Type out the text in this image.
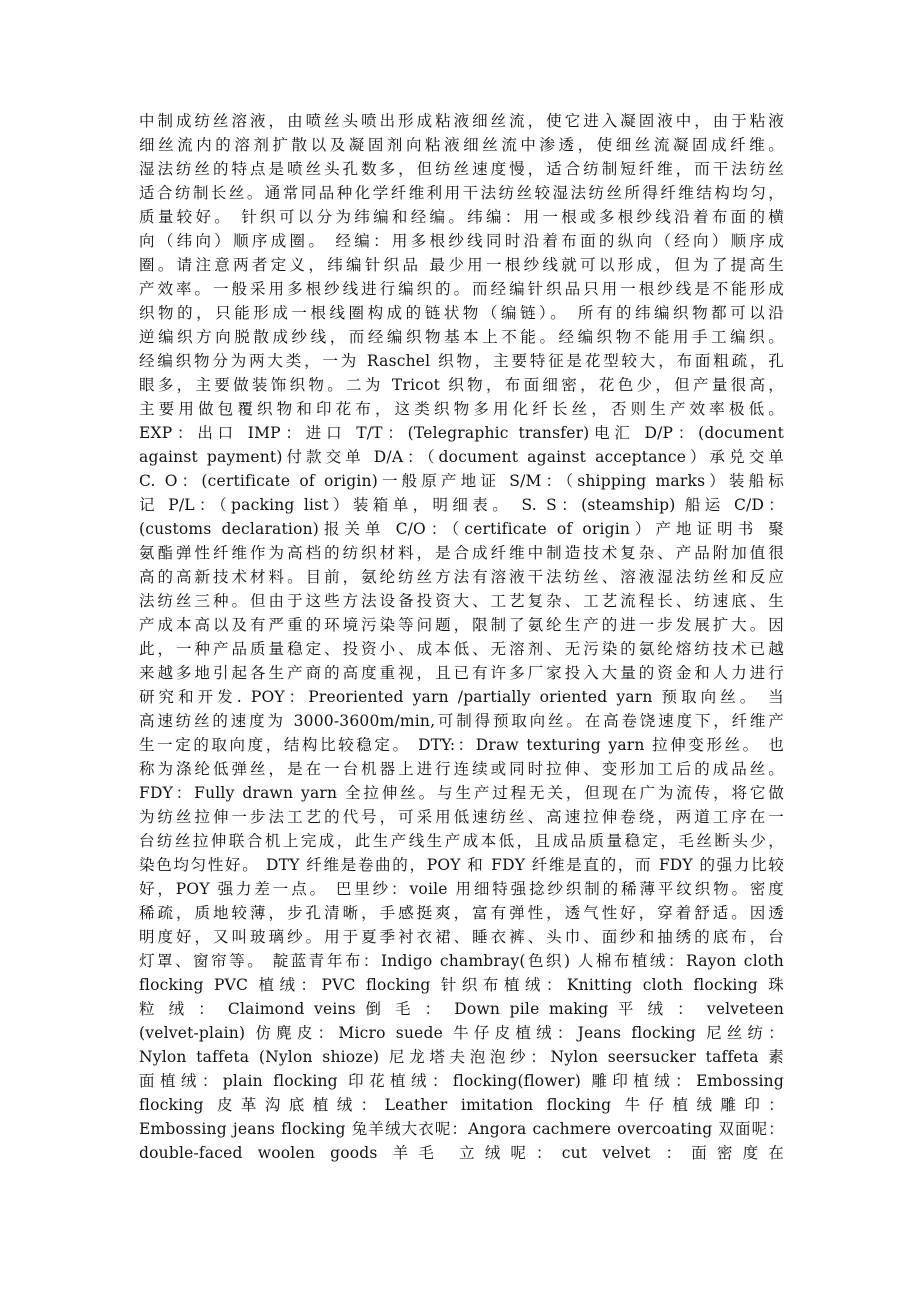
中制成纺丝溶液，由喷丝头喷出形成粘液细丝流，使它进入凝固液中，由于粘液
细丝流内的溶剂扩散以及凝固剂向粘液细丝流中渗透，使细丝流凝固成纤维。
湿法纺丝的特点是喷丝头孔数多，但纺丝速度慢，适合纺制短纤维，而干法纺丝
适合纺制长丝。通常同品种化学纤维利用干法纺丝较湿法纺丝所得纤维结构均匀，
质量较好。 针织可以分为纬编和经编。纬编：用一根或多根纱线沿着布面的横
向（纬向）顺序成圈。 经编：用多根纱线同时沿着布面的纵向（经向）顺序成
圈。请注意两者定义，纬编针织品 最少用一根纱线就可以形成，但为了提高生
产效率。一般采用多根纱线进行编织的。而经编针织品只用一根纱线是不能形成
织物的，只能形成一根线圈构成的链状物（编链）。 所有的纬编织物都可以沿
逆编织方向脱散成纱线，而经编织物基本上不能。经编织物不能用手工编织。
经编织物分为两大类，一为 Raschel 织物，主要特征是花型较大，布面粗疏，孔
眼多，主要做装饰织物。二为 Tricot 织物，布面细密，花色少，但产量很高，
主要用做包覆织物和印花布，这类织物多用化纤长丝，否则生产效率极低。
EXP：出口 IMP：进口 T/T：(Telegraphic transfer)电汇 D/P：(document
against payment)付款交单 D/A：（document against acceptance）承兑交单
C. O：(certificate of origin)一般原产地证 S/M：（shipping marks）装船标
记 P/L：（packing list）装箱单，明细表。 S. S：(steamship) 船运 C/D：
(customs declaration)报关单 C/O：（certificate of origin）产地证明书 聚
氨酯弹性纤维作为高档的纺织材料，是合成纤维中制造技术复杂、产品附加值很
高的高新技术材料。目前，氨纶纺丝方法有溶液干法纺丝、溶液湿法纺丝和反应
法纺丝三种。但由于这些方法设备投资大、工艺复杂、工艺流程长、纺速底、生
产成本高以及有严重的环境污染等问题，限制了氨纶生产的进一步发展扩大。因
此，一种产品质量稳定、投资小、成本低、无溶剂、无污染的氨纶熔纺技术已越
来越多地引起各生产商的高度重视，且已有许多厂家投入大量的资金和人力进行
研究和开发. POY：Preoriented yarn /partially oriented yarn 预取向丝。 当
高速纺丝的速度为 3000-3600m/min,可制得预取向丝。在高卷饶速度下，纤维产
生一定的取向度，结构比较稳定。 DTY:：Draw texturing yarn 拉伸变形丝。 也
称为涤纶低弹丝，是在一台机器上进行连续或同时拉伸、变形加工后的成品丝。
FDY：Fully drawn yarn 全拉伸丝。与生产过程无关，但现在广为流传，将它做
为纺丝拉伸一步法工艺的代号，可采用低速纺丝、高速拉伸卷绕，两道工序在一
台纺丝拉伸联合机上完成，此生产线生产成本低，且成品质量稳定，毛丝断头少，
染色均匀性好。 DTY 纤维是卷曲的，POY 和 FDY 纤维是直的，而 FDY 的强力比较
好，POY 强力差一点。 巴里纱：voile 用细特强捻纱织制的稀薄平纹织物。密度
稀疏，质地较薄，步孔清晰，手感挺爽，富有弹性，透气性好，穿着舒适。因透
明度好，又叫玻璃纱。用于夏季衬衣裙、睡衣裤、头巾、面纱和抽绣的底布，台
灯罩、窗帘等。 靛蓝青年布：Indigo chambray(色织) 人棉布植绒：Rayon cloth
flocking PVC 植绒：PVC flocking 针织布植绒：Knitting cloth flocking 珠
粒 绒 ： Claimond veins 倒 毛 ： Down pile making 平 绒 ： velveteen
(velvet-plain) 仿麂皮：Micro suede 牛仔皮植绒：Jeans flocking 尼丝纺：
Nylon taffeta (Nylon shioze) 尼龙塔夫泡泡纱：Nylon seersucker taffeta 素
面植绒：plain flocking 印花植绒：flocking(flower) 雕印植绒：Embossing
flocking 皮革沟底植绒：Leather imitation flocking 牛仔植绒雕印：
Embossing jeans flocking 兔羊绒大衣呢：Angora cachmere overcoating 双面呢：
double-faced woolen goods 羊毛 立绒呢：cut velvet ：面密度在
